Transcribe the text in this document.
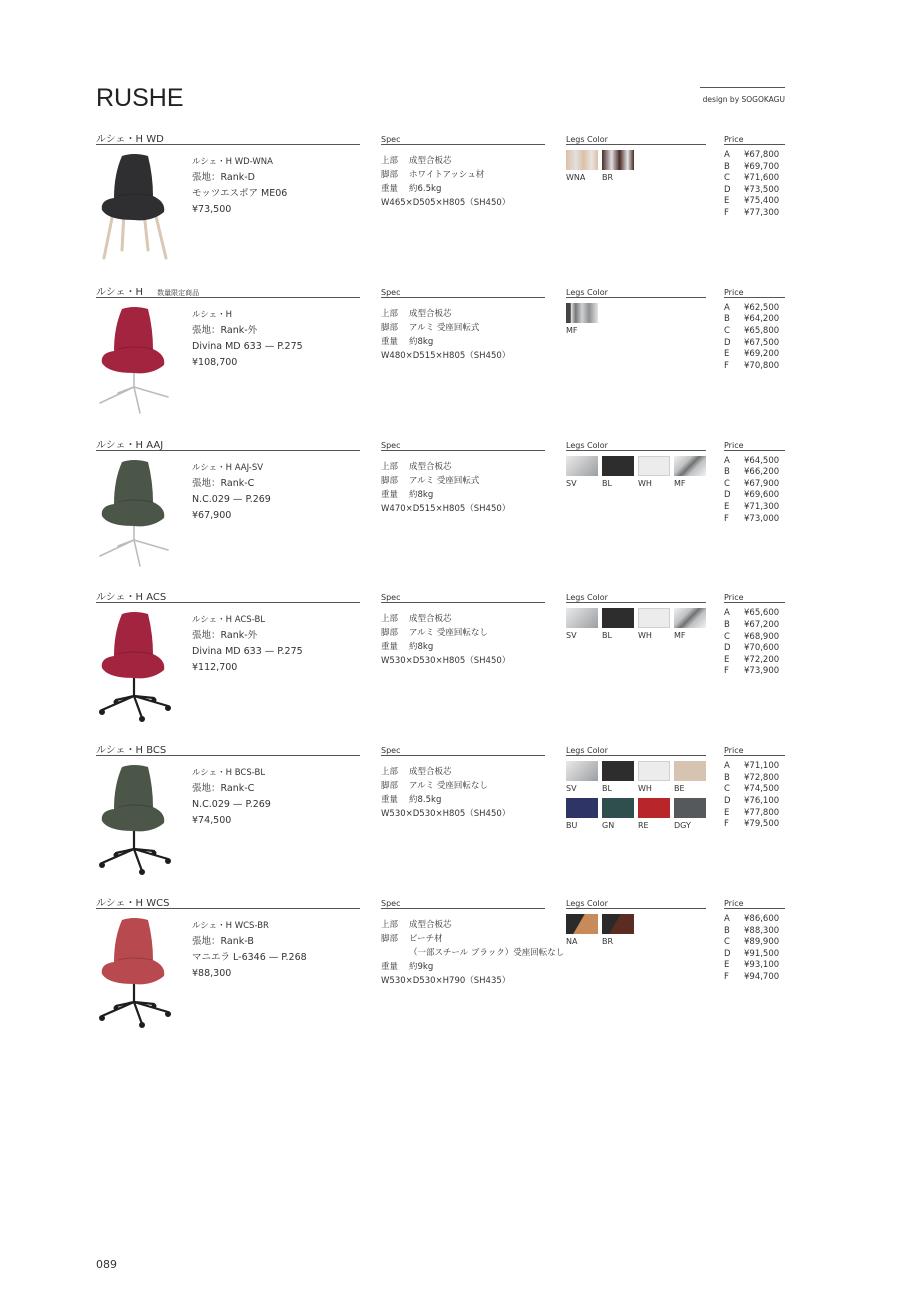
RUSHE	design by SOGOKAGU
ルシェ・H WD	Spec	Legs Color	Price
ルシェ・H WD-WNA
張地：Rank-D
モッツエスポア ME06
¥73,500
上部 成型合板芯
脚部 ホワイトアッシュ材
重量 約6.5kg
W465×D505×H805（SH450）
WNA BR
A ¥67,800
B ¥69,700
C ¥71,600
D ¥73,500
E ¥75,400
F ¥77,300
ルシェ・H 数量限定商品	Spec	Legs Color	Price
ルシェ・H
張地：Rank-外
Divina MD 633 — P.275
¥108,700
上部 成型合板芯
脚部 アルミ 受座回転式
重量 約8kg
W480×D515×H805（SH450）
MF
A ¥62,500
B ¥64,200
C ¥65,800
D ¥67,500
E ¥69,200
F ¥70,800
ルシェ・H AAJ	Spec	Legs Color	Price
ルシェ・H AAJ-SV
張地：Rank-C
N.C.029 — P.269
¥67,900
上部 成型合板芯
脚部 アルミ 受座回転式
重量 約8kg
W470×D515×H805（SH450）
SV	BL	WH	MF
A ¥64,500
B ¥66,200
C ¥67,900
D ¥69,600
E ¥71,300
F ¥73,000
ルシェ・H ACS	Spec	Legs Color	Price
ルシェ・H ACS-BL
張地：Rank-外
Divina MD 633 — P.275
¥112,700
上部 成型合板芯
脚部 アルミ 受座回転なし
重量 約8kg
W530×D530×H805（SH450）
SV	BL	WH	MF
A ¥65,600
B ¥67,200
C ¥68,900
D ¥70,600
E ¥72,200
F ¥73,900
ルシェ・H BCS	Spec	Legs Color	Price
ルシェ・H BCS-BL
張地：Rank-C
N.C.029 — P.269
¥74,500
上部 成型合板芯
脚部 アルミ 受座回転なし
重量 約8.5kg
W530×D530×H805（SH450）
SV	BL	WH	BE
BU	GN	RE	DGY
A ¥71,100
B ¥72,800
C ¥74,500
D ¥76,100
E ¥77,800
F ¥79,500
ルシェ・H WCS	Spec	Legs Color	Price
ルシェ・H WCS-BR
張地：Rank-B
マニエラ L-6346 — P.268
¥88,300
上部 成型合板芯
脚部 ビーチ材
（一部スチール ブラック）受座回転なし
重量 約9kg
W530×D530×H790（SH435）
NA	BR
A ¥86,600
B ¥88,300
C ¥89,900
D ¥91,500
E ¥93,100
F ¥94,700
089
